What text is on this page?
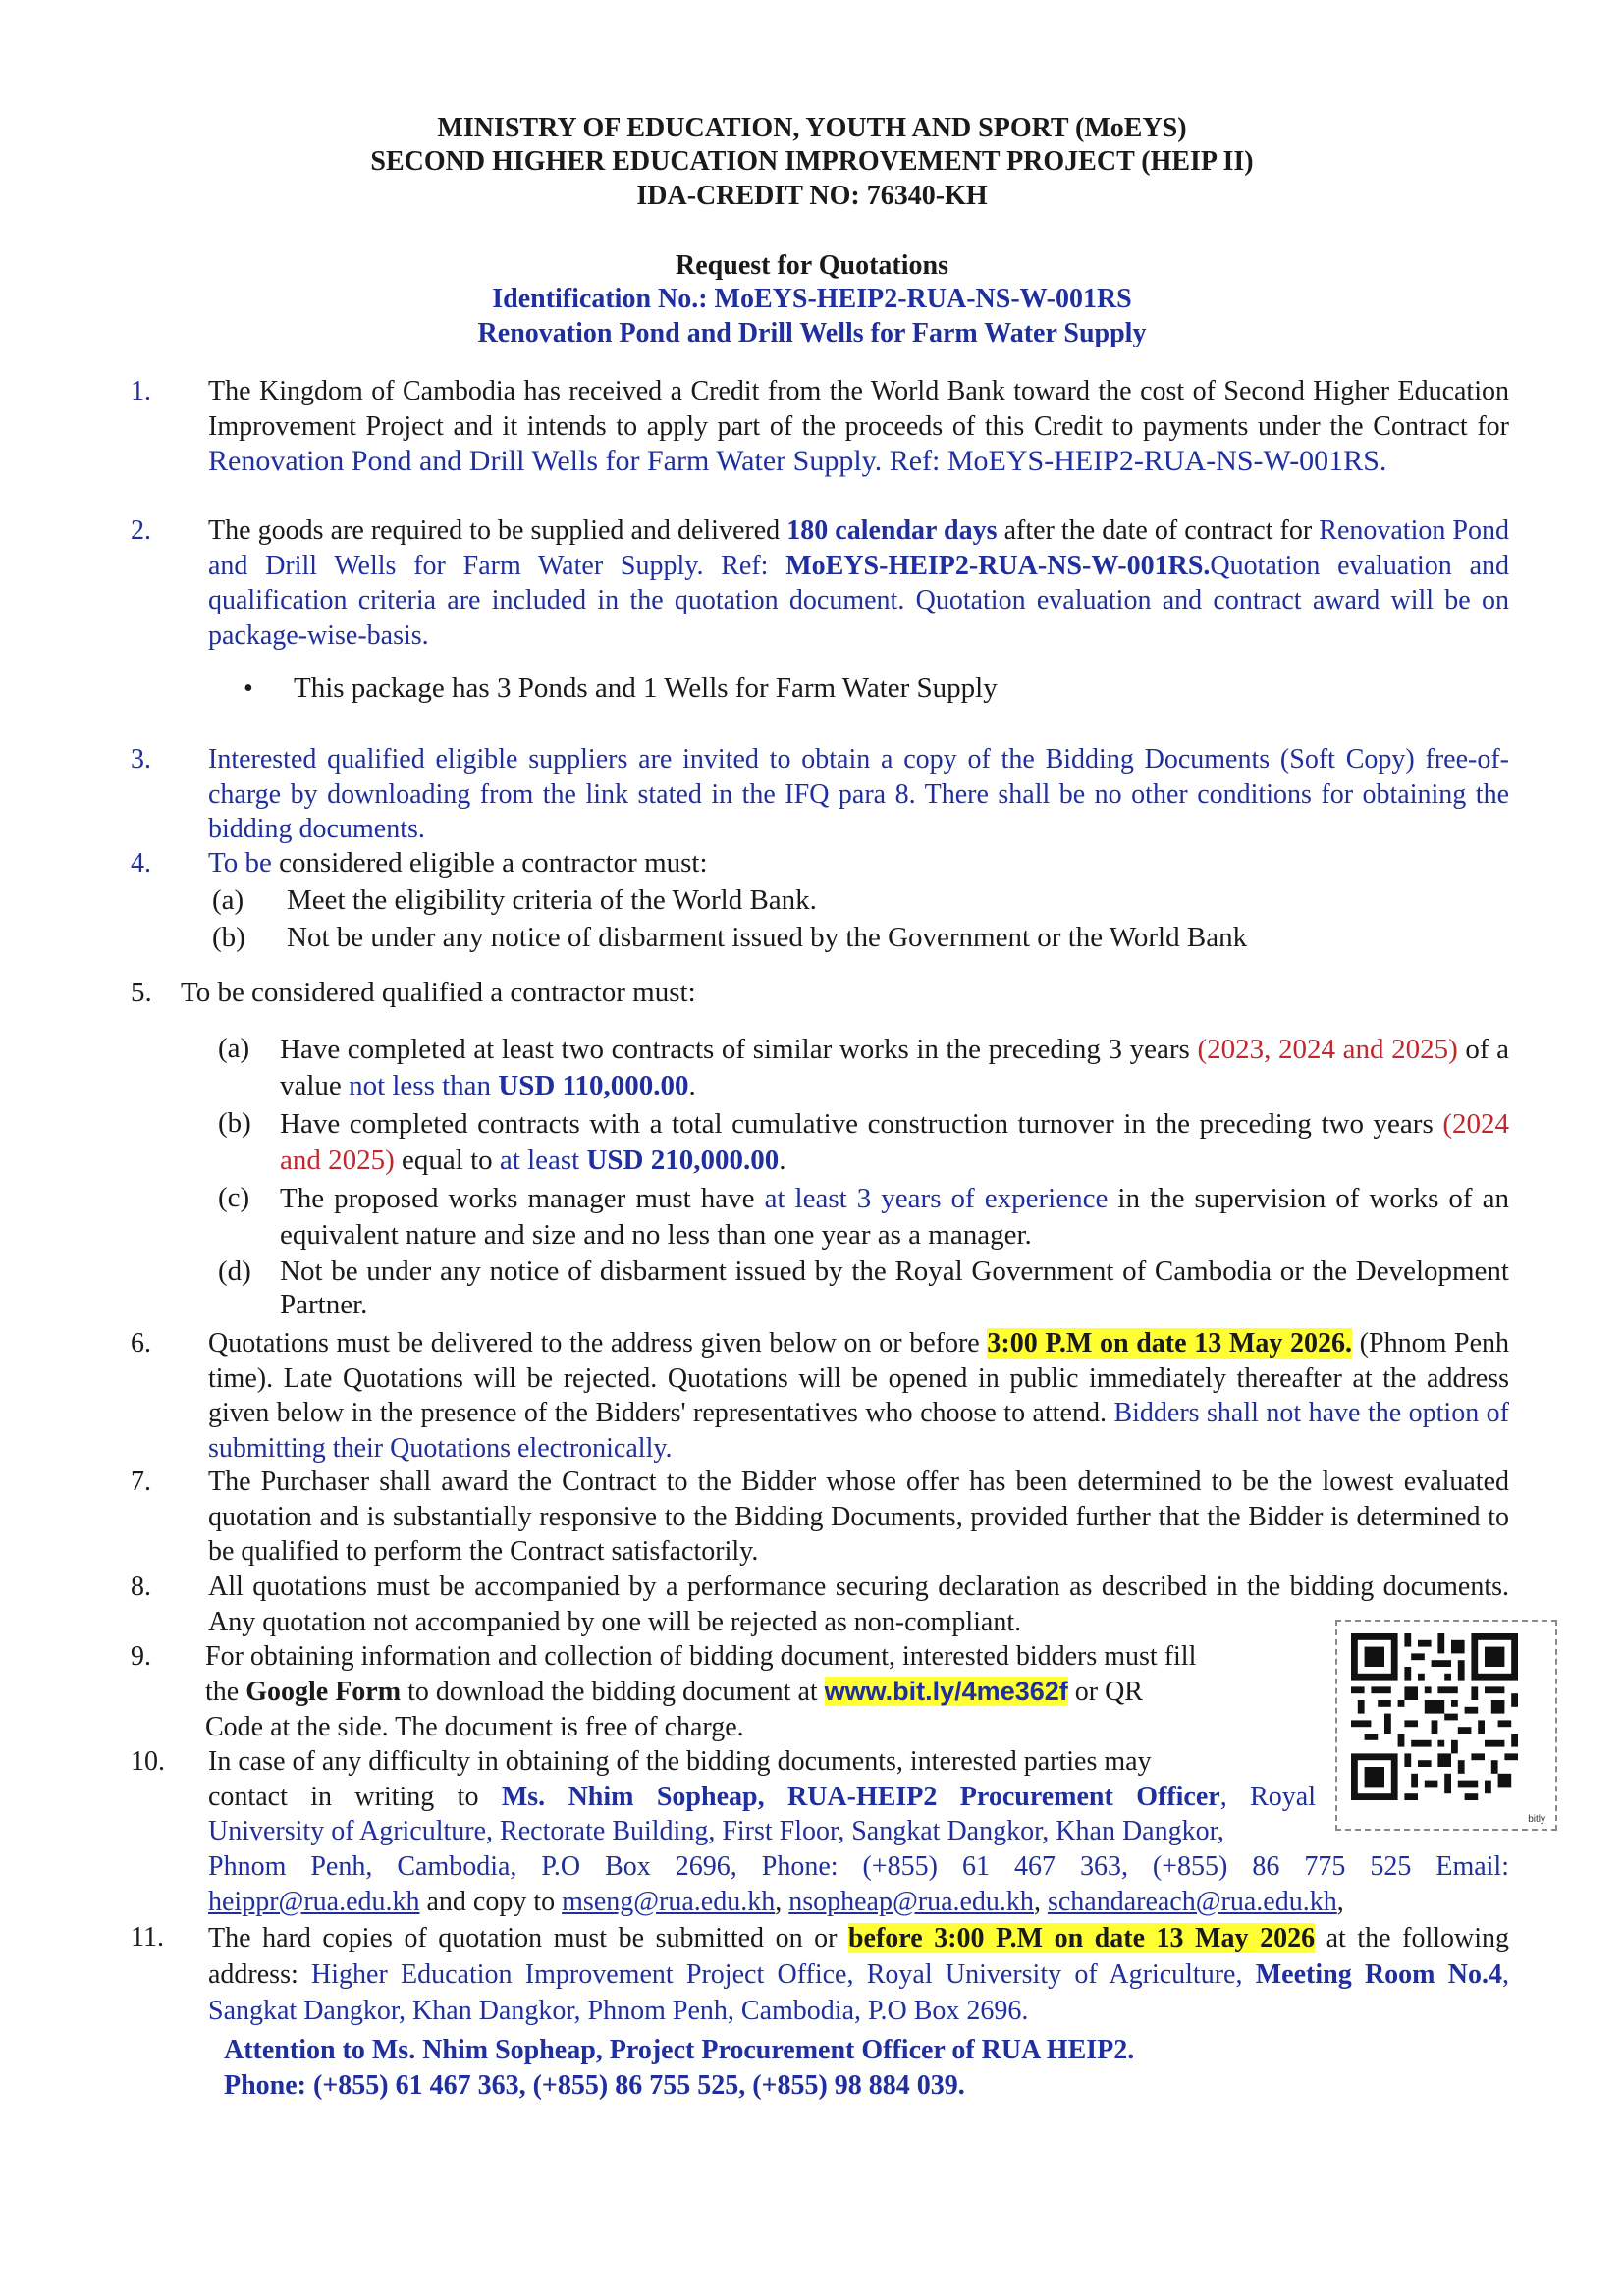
MINISTRY OF EDUCATION, YOUTH AND SPORT (MoEYS)
SECOND HIGHER EDUCATION IMPROVEMENT PROJECT (HEIP II)
IDA-CREDIT NO: 76340-KH
Request for Quotations
Identification No.: MoEYS-HEIP2-RUA-NS-W-001RS
Renovation Pond and Drill Wells for Farm Water Supply
1. The Kingdom of Cambodia has received a Credit from the World Bank toward the cost of Second Higher Education Improvement Project and it intends to apply part of the proceeds of this Credit to payments under the Contract for Renovation Pond and Drill Wells for Farm Water Supply. Ref: MoEYS-HEIP2-RUA-NS-W-001RS.
2. The goods are required to be supplied and delivered 180 calendar days after the date of contract for Renovation Pond and Drill Wells for Farm Water Supply. Ref: MoEYS-HEIP2-RUA-NS-W-001RS.Quotation evaluation and qualification criteria are included in the quotation document. Quotation evaluation and contract award will be on package-wise-basis.
• This package has 3 Ponds and 1 Wells for Farm Water Supply
3. Interested qualified eligible suppliers are invited to obtain a copy of the Bidding Documents (Soft Copy) free-of-charge by downloading from the link stated in the IFQ para 8. There shall be no other conditions for obtaining the bidding documents.
4. To be considered eligible a contractor must:
(a) Meet the eligibility criteria of the World Bank.
(b) Not be under any notice of disbarment issued by the Government or the World Bank
5. To be considered qualified a contractor must:
(a) Have completed at least two contracts of similar works in the preceding 3 years (2023, 2024 and 2025) of a value not less than USD 110,000.00.
(b) Have completed contracts with a total cumulative construction turnover in the preceding two years (2024 and 2025) equal to at least USD 210,000.00.
(c) The proposed works manager must have at least 3 years of experience in the supervision of works of an equivalent nature and size and no less than one year as a manager.
(d) Not be under any notice of disbarment issued by the Royal Government of Cambodia or the Development Partner.
6. Quotations must be delivered to the address given below on or before 3:00 P.M on date 13 May 2026. (Phnom Penh time). Late Quotations will be rejected. Quotations will be opened in public immediately thereafter at the address given below in the presence of the Bidders' representatives who choose to attend. Bidders shall not have the option of submitting their Quotations electronically.
7. The Purchaser shall award the Contract to the Bidder whose offer has been determined to be the lowest evaluated quotation and is substantially responsive to the Bidding Documents, provided further that the Bidder is determined to be qualified to perform the Contract satisfactorily.
8. All quotations must be accompanied by a performance securing declaration as described in the bidding documents. Any quotation not accompanied by one will be rejected as non-compliant.
9. For obtaining information and collection of bidding document, interested bidders must fill
the Google Form to download the bidding document at www.bit.ly/4me362f or QR
Code at the side. The document is free of charge.
bitly
10. In case of any difficulty in obtaining of the bidding documents, interested parties may
contact in writing to Ms. Nhim Sopheap, RUA-HEIP2 Procurement Officer, Royal
University of Agriculture, Rectorate Building, First Floor, Sangkat Dangkor, Khan Dangkor,
Phnom Penh, Cambodia, P.O Box 2696, Phone: (+855) 61 467 363, (+855) 86 775 525 Email:
heippr@rua.edu.kh and copy to mseng@rua.edu.kh, nsopheap@rua.edu.kh, schandareach@rua.edu.kh,
11. The hard copies of quotation must be submitted on or before 3:00 P.M on date 13 May 2026 at the following address: Higher Education Improvement Project Office, Royal University of Agriculture, Meeting Room No.4, Sangkat Dangkor, Khan Dangkor, Phnom Penh, Cambodia, P.O Box 2696.
Attention to Ms. Nhim Sopheap, Project Procurement Officer of RUA HEIP2.
Phone: (+855) 61 467 363, (+855) 86 755 525, (+855) 98 884 039.
